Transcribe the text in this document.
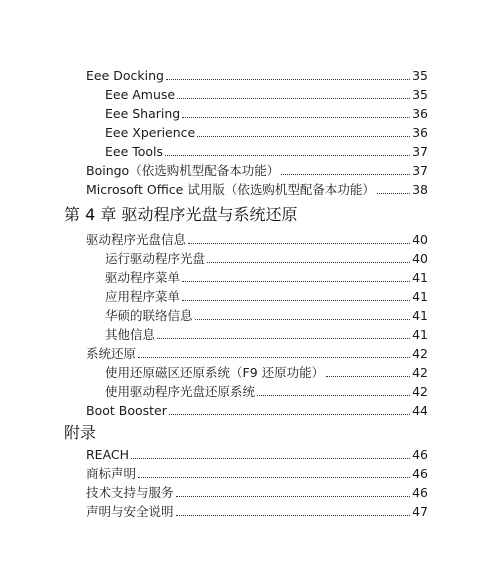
Eee Docking	35
Eee Amuse	35
Eee Sharing	36
Eee Xperience	36
Eee Tools	37
Boingo（依选购机型配备本功能）	37
Microsoft Office 试用版（依选购机型配备本功能）	38
第 4 章 驱动程序光盘与系统还原
驱动程序光盘信息	40
运行驱动程序光盘	40
驱动程序菜单	41
应用程序菜单	41
华硕的联络信息	41
其他信息	41
系统还原	42
使用还原磁区还原系统（F9 还原功能）	42
使用驱动程序光盘还原系统	42
Boot Booster	44
附录
REACH	46
商标声明	46
技术支持与服务	46
声明与安全说明	47
